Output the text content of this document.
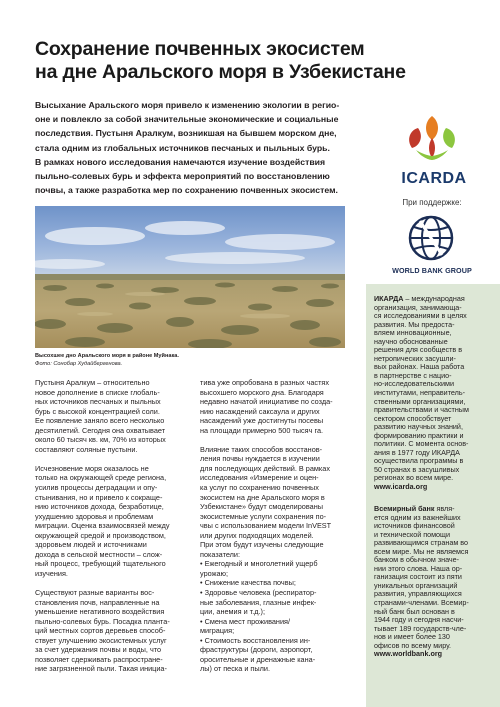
Сохранение почвенных экосистем
на дне Аральского моря в Узбекистане
Высыхание Аральского моря привело к изменению экологии в регио-
оне и повлекло за собой значительные экономические и социальные
последствия. Пустыня Аралкум, возникшая на бывшем морском дне,
стала одним из глобальных источников песчаных и пыльных бурь.
В рамках нового исследования намечаются изучение воздействия
пыльно-солевых бурь и эффекта мероприятий по восстановлению
почвы, а также разработка мер по сохранению почвенных экосистем.
ICARDA
При поддержке:
WORLD BANK GROUP
Высохшее дно Аральского моря в районе Муйнака.
Фото: Сонобар Худайбергенова.
Пустыня Аралкум – относительно
новое дополнение в списке глобаль-
ных источников песчаных и пыльных
бурь с высокой концентрацией соли.
Ее появление заняло всего несколько
десятилетий. Сегодня она охватывает
около 60 тысяч кв. км, 70% из которых
составляют соляные пустыни.
Исчезновение моря оказалось не
только на окружающей среде региона,
усилив процессы деградации и опу-
стынивания, но и привело к сокраще-
нию источников дохода, безработице,
ухудшению здоровья и проблемам
миграции. Оценка взаимосвязей между
окружающей средой и производством,
здоровьем людей и источниками
дохода в сельской местности – слож-
ный процесс, требующий тщательного
изучения.
Существуют разные варианты вос-
становления почв, направленные на
уменьшение негативного воздействия
пыльно-солевых бурь. Посадка планта-
ций местных сортов деревьев способ-
ствует улучшению экосистемных услуг
за счет удержания почвы и воды, что
позволяет сдерживать распростране-
ние загрязненной пыли. Такая инициа-
тива уже опробована в разных частях
высохшего морского дна. Благодаря
недавно начатой инициативе по созда-
нию насаждений саксаула и других
насаждений уже достигнуты посевы
на площади примерно 500 тысяч га.
Влияние таких способов восстанов-
ления почвы нуждается в изучении
для последующих действий. В рамках
исследования «Измерение и оцен-
ка услуг по сохранению почвенных
экосистем на дне Аральского моря в
Узбекистане» будут смоделированы
экосистемные услуги сохранения по-
чвы с использованием модели InVEST
или других подходящих моделей.
При этом будут изучены следующие
показатели:
• Ежегодный и многолетний ущерб
урожаю;
• Снижение качества почвы;
• Здоровье человека (респиратор-
ные заболевания, глазные инфек-
ции, анемия и т.д.);
• Смена мест проживания/
миграция;
• Стоимость восстановления ин-
фраструктуры (дороги, аэропорт,
оросительные и дренажные кана-
лы) от песка и пыли.
ИКАРДА – международная
организация, занимающа-
ся исследованиями в целях
развития. Мы предоста-
вляем инновационные,
научно обоснованные
решения для сообществ в
нетропических засушли-
вых районах. Наша работа
в партнерстве с нацио-
но-исследовательскими
институтами, неправитель-
ственными организациями,
правительствами и частным
сектором способствует
развитию научных знаний,
формированию практики и
политики. С момента основ-
ания в 1977 году ИКАРДА
осуществила программы в
50 странах в засушливых
регионах во всем мире.
www.icarda.org
Всемирный банк явля-
ется одним из важнейших
источников финансовой
и технической помощи
развивающимся странам во
всем мире. Мы не являемся
банком в обычном значе-
нии этого слова. Наша ор-
ганизация состоит из пяти
уникальных организаций
развития, управляющихся
странами-членами. Всемир-
ный банк был основан в
1944 году и сегодня насчи-
тывает 189 государств-чле-
нов и имеет более 130
офисов по всему миру.
www.worldbank.org
